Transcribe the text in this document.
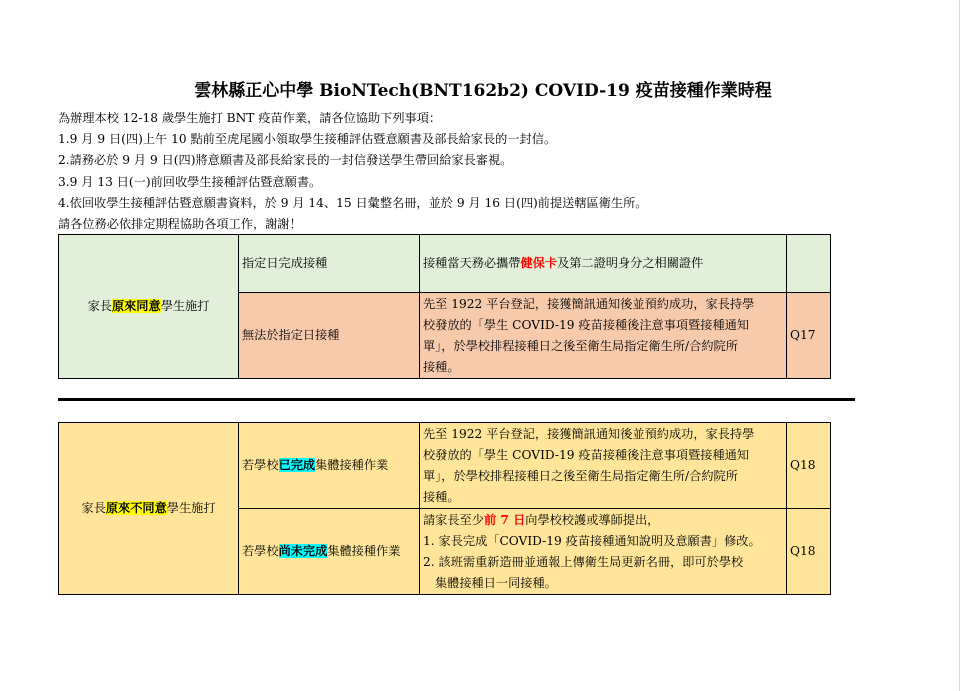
雲林縣正心中學 BioNTech(BNT162b2) COVID-19 疫苗接種作業時程
為辦理本校 12-18 歲學生施打 BNT 疫苗作業，請各位協助下列事項：
1.9 月 9 日(四)上午 10 點前至虎尾國小領取學生接種評估暨意願書及部長給家長的一封信。
2.請務必於 9 月 9 日(四)將意願書及部長給家長的一封信發送學生帶回給家長審視。
3.9 月 13 日(一)前回收學生接種評估暨意願書。
4.依回收學生接種評估暨意願書資料，於 9 月 14、15 日彙整名冊，並於 9 月 16 日(四)前提送轄區衛生所。
請各位務必依排定期程協助各項工作，謝謝！
家長原來同意學生施打	指定日完成接種	接種當天務必攜帶健保卡及第二證明身分之相關證件	
	無法於指定日接種	先至 1922 平台登記，接獲簡訊通知後並預約成功，家長持學
校發放的「學生 COVID-19 疫苗接種後注意事項暨接種通知
單」，於學校排程接種日之後至衛生局指定衛生所/合約院所
接種。	Q17
家長原來不同意學生施打	若學校已完成集體接種作業	先至 1922 平台登記，接獲簡訊通知後並預約成功，家長持學
校發放的「學生 COVID-19 疫苗接種後注意事項暨接種通知
單」，於學校排程接種日之後至衛生局指定衛生所/合約院所
接種。	Q18
	若學校尚未完成集體接種作業	請家長至少前 7 日向學校校護或導師提出，
1. 家長完成「COVID-19 疫苗接種通知說明及意願書」修改。
2. 該班需重新造冊並通報上傳衛生局更新名冊，即可於學校
集體接種日一同接種。	Q18
